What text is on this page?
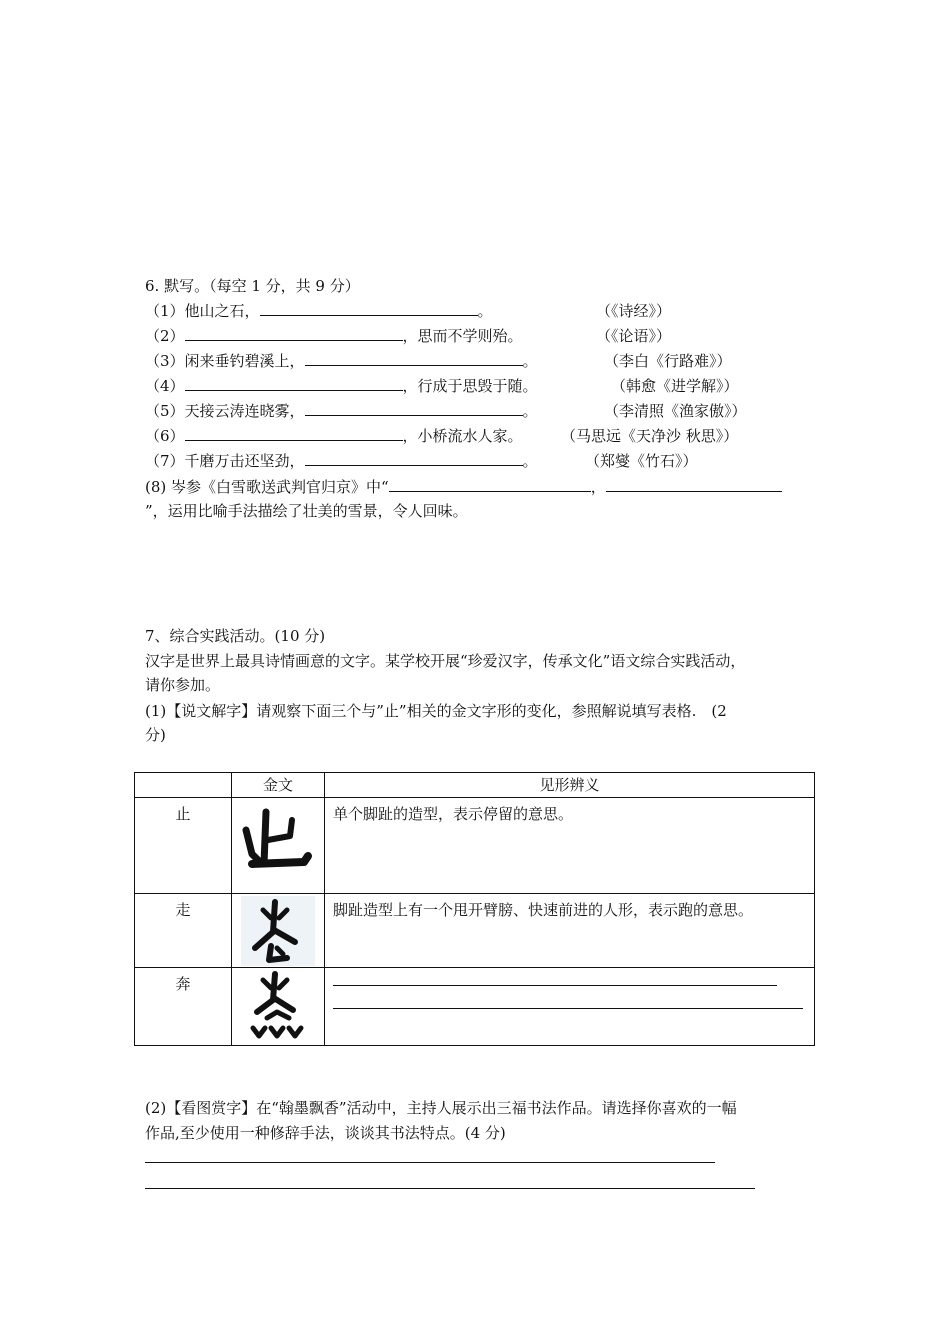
6. 默写。（每空 1 分，共 9 分）
（1）他山之石，	。	（《诗经》）
（2）	，思而不学则殆。	（《论语》）
（3）闲来垂钓碧溪上，	。	（李白《行路难》）
（4）	，行成于思毁于随。	（韩愈《进学解》）
（5）天接云涛连晓雾，	。	（李清照《渔家傲》）
（6）	，小桥流水人家。	（马思远《天净沙 秋思》）
（7）千磨万击还坚劲，	。	（郑燮《竹石》）
(8) 岑参《白雪歌送武判官归京》中“	，
”，运用比喻手法描绘了壮美的雪景，令人回味。
7、综合实践活动。(10 分)
汉字是世界上最具诗情画意的文字。某学校开展“珍爱汉字，传承文化”语文综合实践活动，
请你参加。
(1)【说文解字】请观察下面三个与”止”相关的金文字形的变化，参照解说填写表格.　(2
分)
	金文	见形辨义

止		单个脚趾的造型，表示停留的意思。

走		脚趾造型上有一个甩开臂膀、快速前进的人形，表示跑的意思。

奔

(2)【看图赏字】在“翰墨飘香”活动中，主持人展示出三福书法作品。请选择你喜欢的一幅
作品,至少使用一种修辞手法，谈谈其书法特点。(4 分)
